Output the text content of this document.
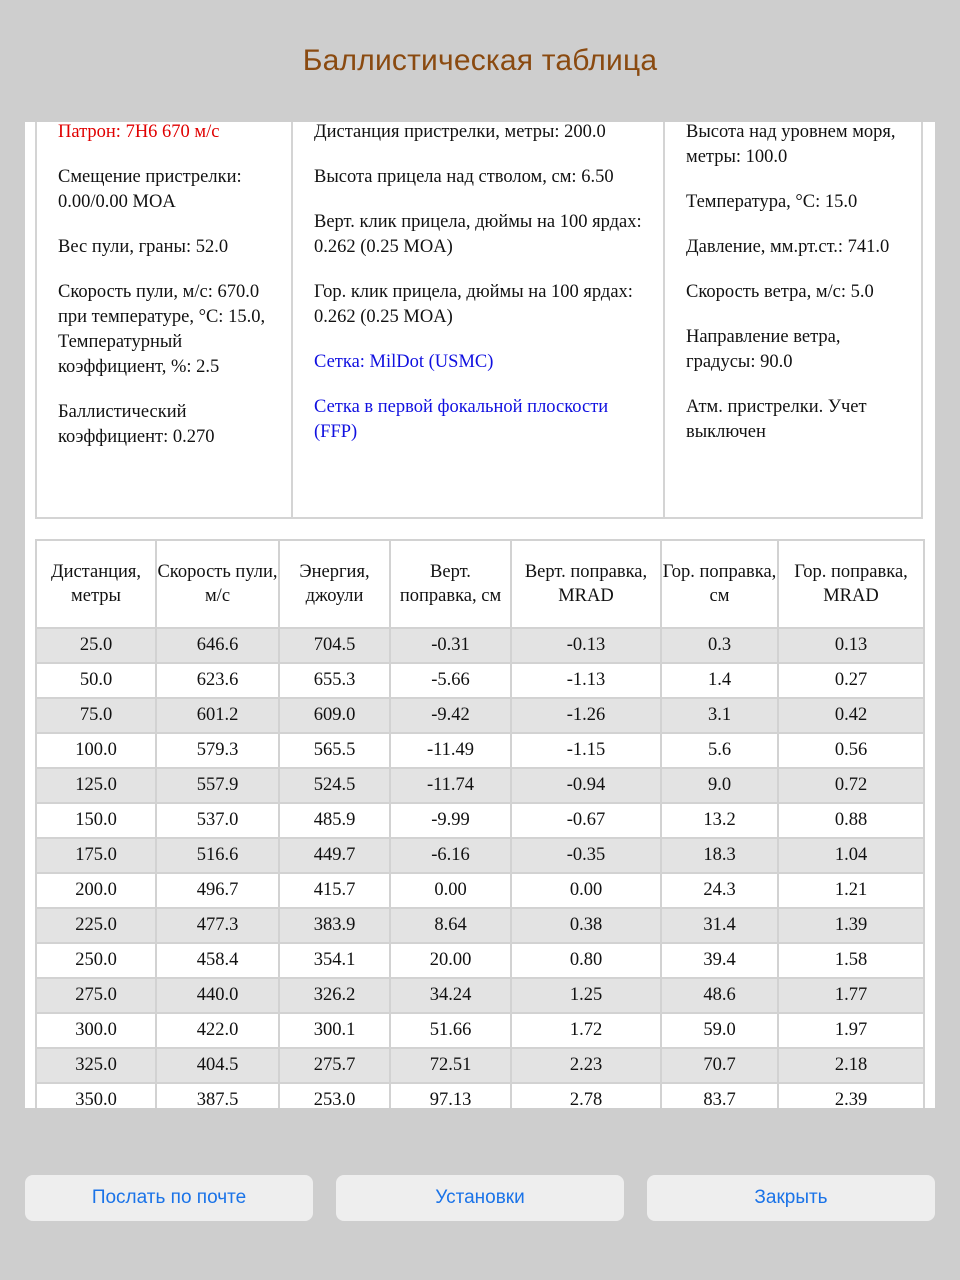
Баллистическая таблица
Патрон: 7Н6 670 м/с
Смещение пристрелки: 0.00/0.00 MOA
Вес пули, граны: 52.0
Скорость пули, м/с: 670.0
при температуре, °C: 15.0,
Температурный коэффициент, %: 2.5
Баллистический коэффициент: 0.270
Дистанция пристрелки, метры: 200.0
Высота прицела над стволом, см: 6.50
Верт. клик прицела, дюймы на 100 ярдах: 0.262 (0.25 MOA)
Гор. клик прицела, дюймы на 100 ярдах: 0.262 (0.25 MOA)
Сетка: MilDot (USMC)
Сетка в первой фокальной плоскости (FFP)
Высота над уровнем моря, метры: 100.0
Температура, °C: 15.0
Давление, мм.рт.ст.: 741.0
Скорость ветра, м/с: 5.0
Направление ветра, градусы: 90.0
Атм. пристрелки. Учет выключен
Дистанция, метры	Скорость пули, м/с	Энергия, джоули	Верт. поправка, см	Верт. поправка, MRAD	Гор. поправка, см	Гор. поправка, MRAD
25.0	646.6	704.5	-0.31	-0.13	0.3	0.13
50.0	623.6	655.3	-5.66	-1.13	1.4	0.27
75.0	601.2	609.0	-9.42	-1.26	3.1	0.42
100.0	579.3	565.5	-11.49	-1.15	5.6	0.56
125.0	557.9	524.5	-11.74	-0.94	9.0	0.72
150.0	537.0	485.9	-9.99	-0.67	13.2	0.88
175.0	516.6	449.7	-6.16	-0.35	18.3	1.04
200.0	496.7	415.7	0.00	0.00	24.3	1.21
225.0	477.3	383.9	8.64	0.38	31.4	1.39
250.0	458.4	354.1	20.00	0.80	39.4	1.58
275.0	440.0	326.2	34.24	1.25	48.6	1.77
300.0	422.0	300.1	51.66	1.72	59.0	1.97
325.0	404.5	275.7	72.51	2.23	70.7	2.18
350.0	387.5	253.0	97.13	2.78	83.7	2.39
Послать по почте	Установки	Закрыть
